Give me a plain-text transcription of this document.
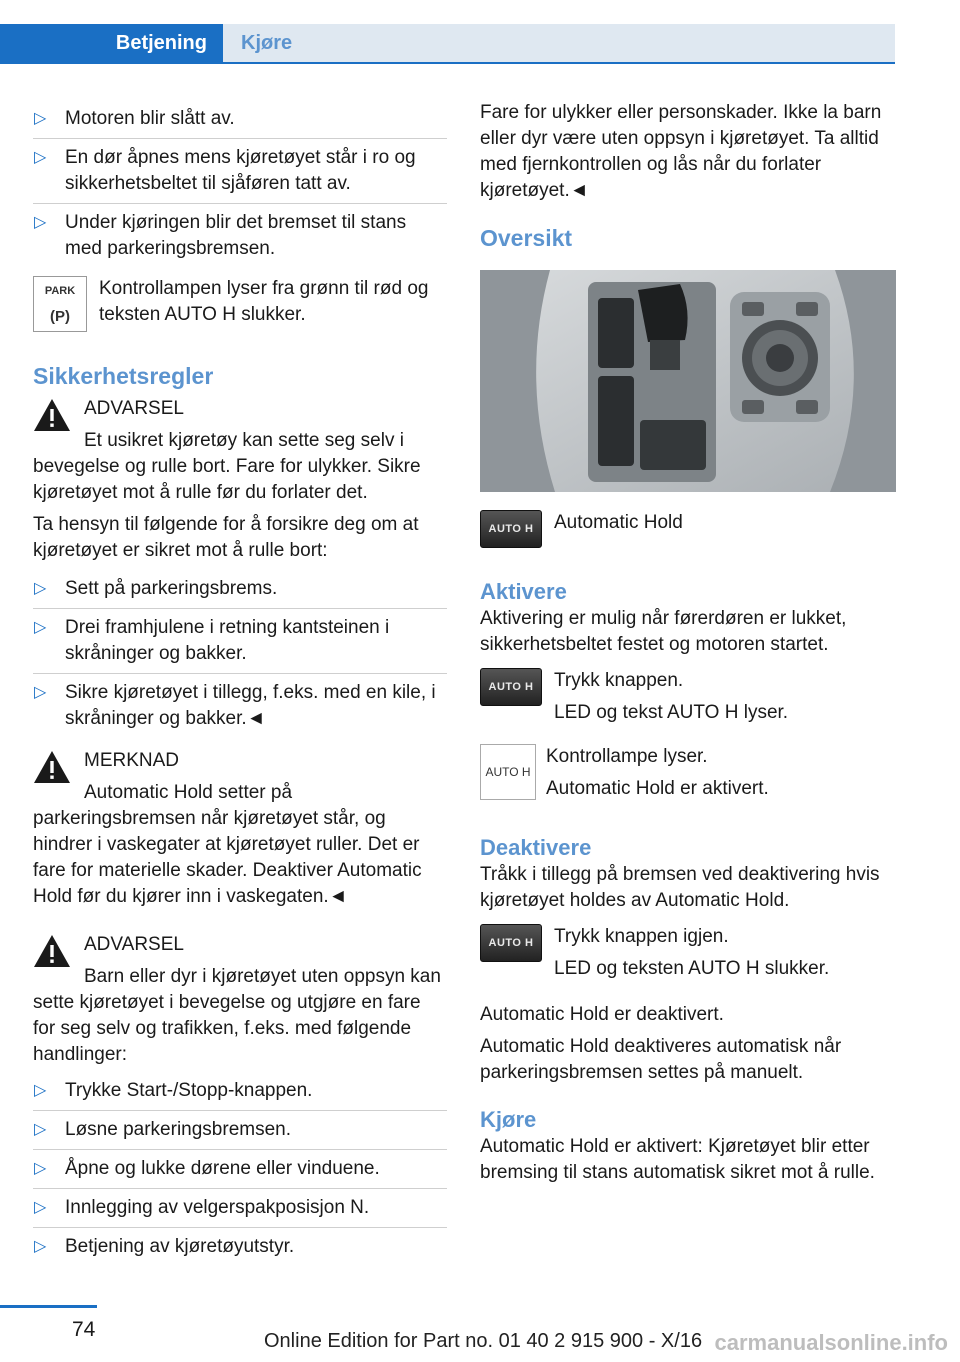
Betjening	Kjøre
▷ Motoren blir slått av.
▷ En dør åpnes mens kjøretøyet står i ro og sikkerhetsbeltet til sjåføren tatt av.
▷ Under kjøringen blir det bremset til stans med parkeringsbremsen.
PARK
(P)
Kontrollampen lyser fra grønn til rød og teksten AUTO H slukker.
Sikkerhetsregler
ADVARSEL
Et usikret kjøretøy kan sette seg selv i bevegelse og rulle bort. Fare for ulykker. Sikre kjøretøyet mot å rulle før du forlater det.

Ta hensyn til følgende for å forsikre deg om at kjøretøyet er sikret mot å rulle bort:

▷ Sett på parkeringsbrems.
▷ Drei framhjulene i retning kantsteinen i skråninger og bakker.
▷ Sikre kjøretøyet i tillegg, f.eks. med en kile, i skråninger og bakker.◄
MERKNAD
Automatic Hold setter på parkeringsbremsen når kjøretøyet står, og hindrer i vaskegater at kjøretøyet ruller. Det er fare for materielle skader. Deaktiver Automatic Hold før du kjører inn i vaskegaten.◄
ADVARSEL
Barn eller dyr i kjøretøyet uten oppsyn kan sette kjøretøyet i bevegelse og utgjøre en fare for seg selv og trafikken, f.eks. med følgende handlinger:
▷ Trykke Start-/Stopp-knappen.
▷ Løsne parkeringsbremsen.
▷ Åpne og lukke dørene eller vinduene.
▷ Innlegging av velgerspakposisjon N.
▷ Betjening av kjøretøyutstyr.

Fare for ulykker eller personskader. Ikke la barn eller dyr være uten oppsyn i kjøretøyet. Ta alltid med fjernkontrollen og lås når du forlater kjøretøyet.◄

Oversikt
AUTO H	Automatic Hold
Aktivere

Aktivering er mulig når førerdøren er lukket, sikkerhetsbeltet festet og motoren startet.

AUTO H	Trykk knappen.

LED og tekst AUTO H lyser.

AUTO H

Kontrollampe lyser.

Automatic Hold er aktivert.

Deaktivere

Tråkk i tillegg på bremsen ved deaktivering hvis kjøretøyet holdes av Automatic Hold.

AUTO H	Trykk knappen igjen.

LED og teksten AUTO H slukker.

Automatic Hold er deaktivert.

Automatic Hold deaktiveres automatisk når parkeringsbremsen settes på manuelt.

Kjøre

Automatic Hold er aktivert: Kjøretøyet blir etter bremsing til stans automatisk sikret mot å rulle.

74	Online Edition for Part no. 01 40 2 915 900 - X/16 carmanualsonline.info
